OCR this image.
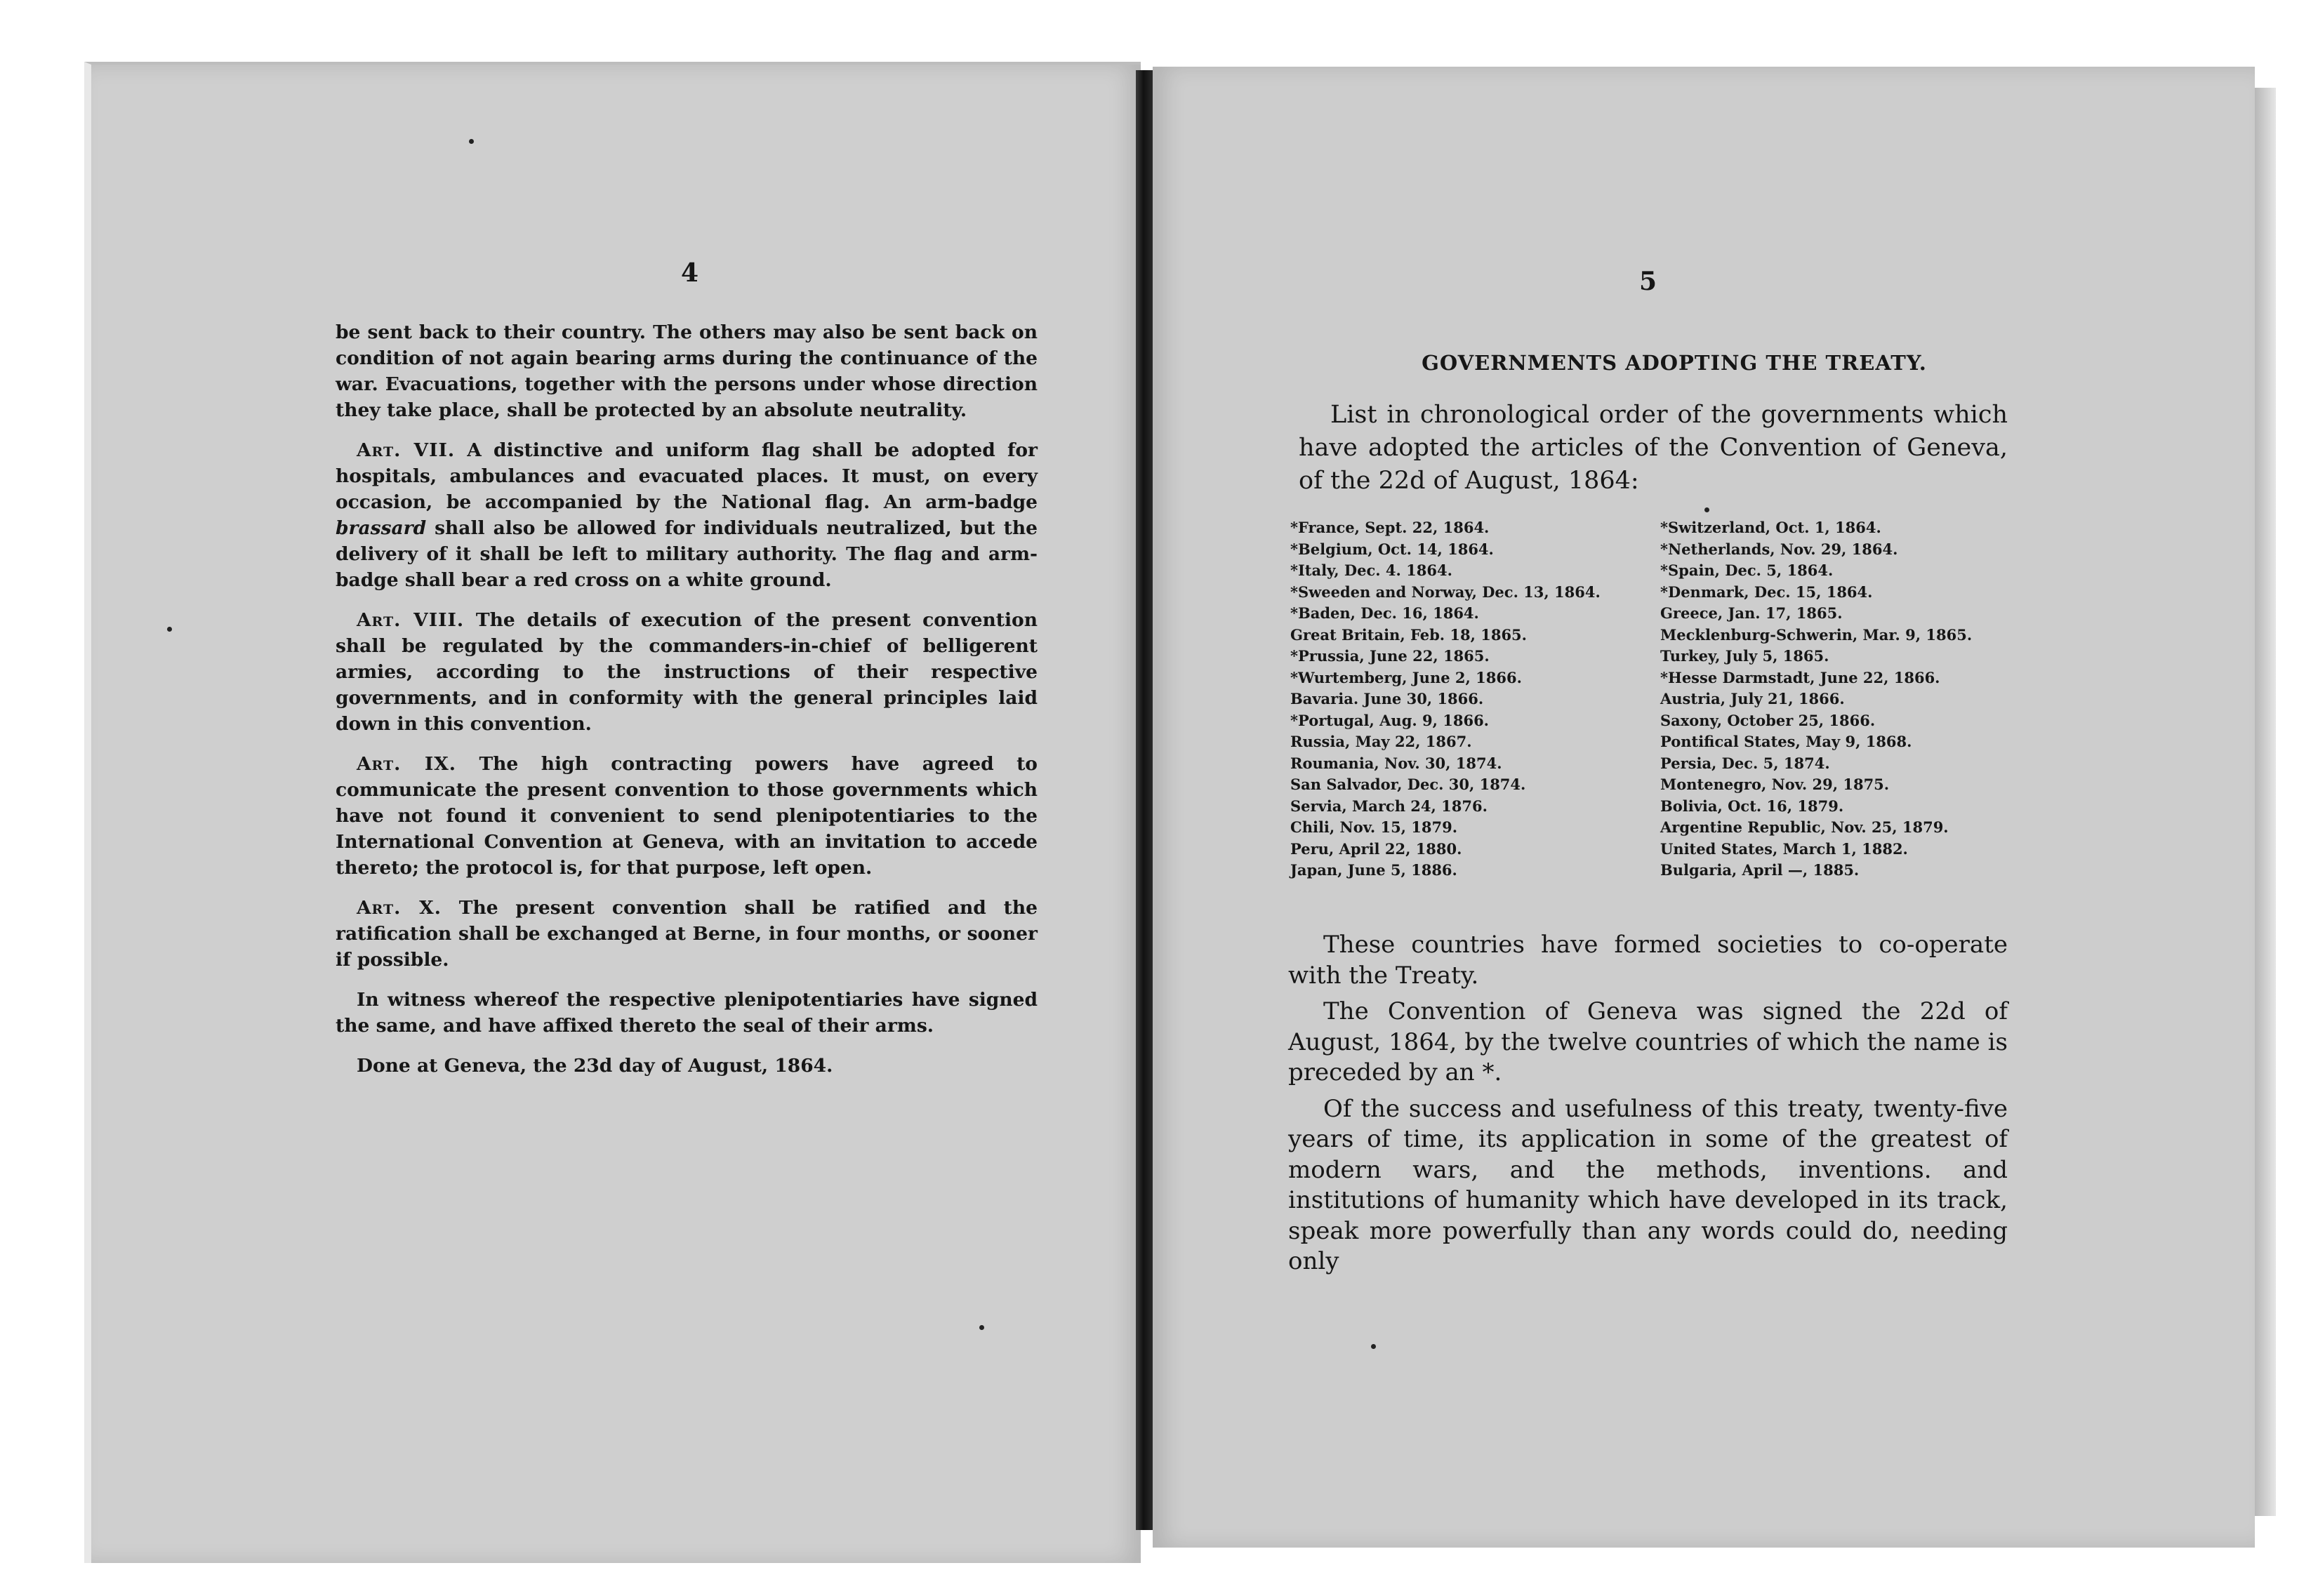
4

be sent back to their country. The others may also be sent back on condition of not again bearing arms during the continuance of the war. Evacuations, together with the persons under whose direction they take place, shall be protected by an absolute neutrality.

Art. VII. A distinctive and uniform flag shall be adopted for hospitals, ambulances and evacuated places. It must, on every occasion, be accompanied by the National flag. An arm-badge brassard shall also be allowed for individuals neutralized, but the delivery of it shall be left to military authority. The flag and arm-badge shall bear a red cross on a white ground.

Art. VIII. The details of execution of the present convention shall be regulated by the commanders-in-chief of belligerent armies, according to the instructions of their respective governments, and in conformity with the general principles laid down in this convention.

Art. IX. The high contracting powers have agreed to communicate the present convention to those governments which have not found it convenient to send plenipotentiaries to the International Convention at Geneva, with an invitation to accede thereto; the protocol is, for that purpose, left open.

Art. X. The present convention shall be ratified and the ratification shall be exchanged at Berne, in four months, or sooner if possible.

In witness whereof the respective plenipotentiaries have signed the same, and have affixed thereto the seal of their arms.

Done at Geneva, the 23d day of August, 1864.

5
GOVERNMENTS ADOPTING THE TREATY.

List in chronological order of the governments which have adopted the articles of the Convention of Geneva, of the 22d of August, 1864:

*France, Sept. 22, 1864.
*Belgium, Oct. 14, 1864.
*Italy, Dec. 4. 1864.
*Sweeden and Norway, Dec. 13, 1864.
*Baden, Dec. 16, 1864.
Great Britain, Feb. 18, 1865.
*Prussia, June 22, 1865.
*Wurtemberg, June 2, 1866.
Bavaria. June 30, 1866.
*Portugal, Aug. 9, 1866.
Russia, May 22, 1867.
Roumania, Nov. 30, 1874.
San Salvador, Dec. 30, 1874.
Servia, March 24, 1876.
Chili, Nov. 15, 1879.
Peru, April 22, 1880.
Japan, June 5, 1886.
*Switzerland, Oct. 1, 1864.
*Netherlands, Nov. 29, 1864.
*Spain, Dec. 5, 1864.
*Denmark, Dec. 15, 1864.
Greece, Jan. 17, 1865.
Mecklenburg-Schwerin, Mar. 9, 1865.
Turkey, July 5, 1865.
*Hesse Darmstadt, June 22, 1866.
Austria, July 21, 1866.
Saxony, October 25, 1866.
Pontifical States, May 9, 1868.
Persia, Dec. 5, 1874.
Montenegro, Nov. 29, 1875.
Bolivia, Oct. 16, 1879.
Argentine Republic, Nov. 25, 1879.
United States, March 1, 1882.
Bulgaria, April —, 1885.

These countries have formed societies to co-operate with the Treaty.

The Convention of Geneva was signed the 22d of August, 1864, by the twelve countries of which the name is preceded by an *.

Of the success and usefulness of this treaty, twenty-five years of time, its application in some of the greatest of modern wars, and the methods, inventions. and institutions of humanity which have developed in its track, speak more powerfully than any words could do, needing only
